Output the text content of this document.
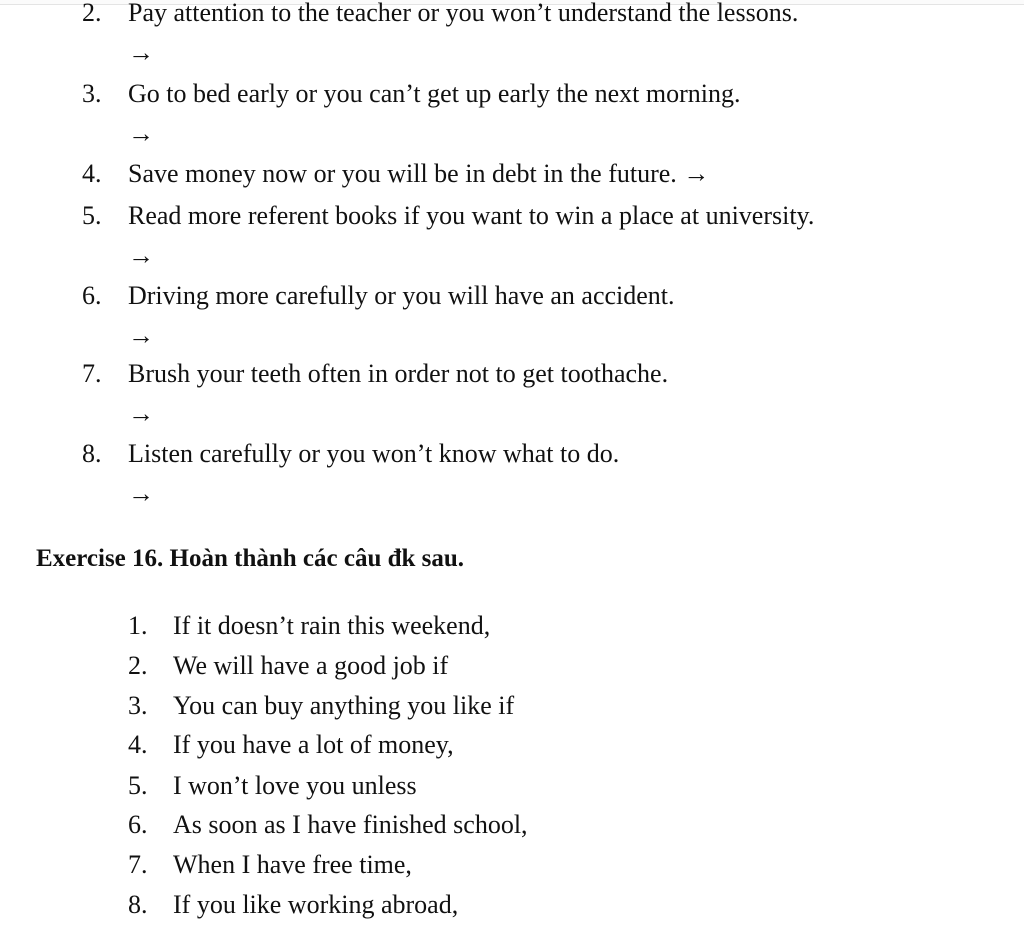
2. Pay attention to the teacher or you won’t understand the lessons.
→
3. Go to bed early or you can’t get up early the next morning.
→
4. Save money now or you will be in debt in the future. →
5. Read more referent books if you want to win a place at university.
→
6. Driving more carefully or you will have an accident.
→
7. Brush your teeth often in order not to get toothache.
→
8. Listen carefully or you won’t know what to do.
→
Exercise 16. Hoàn thành các câu đk sau.
1. If it doesn’t rain this weekend,
2. We will have a good job if
3. You can buy anything you like if
4. If you have a lot of money,
5. I won’t love you unless
6. As soon as I have finished school,
7. When I have free time,
8. If you like working abroad,
